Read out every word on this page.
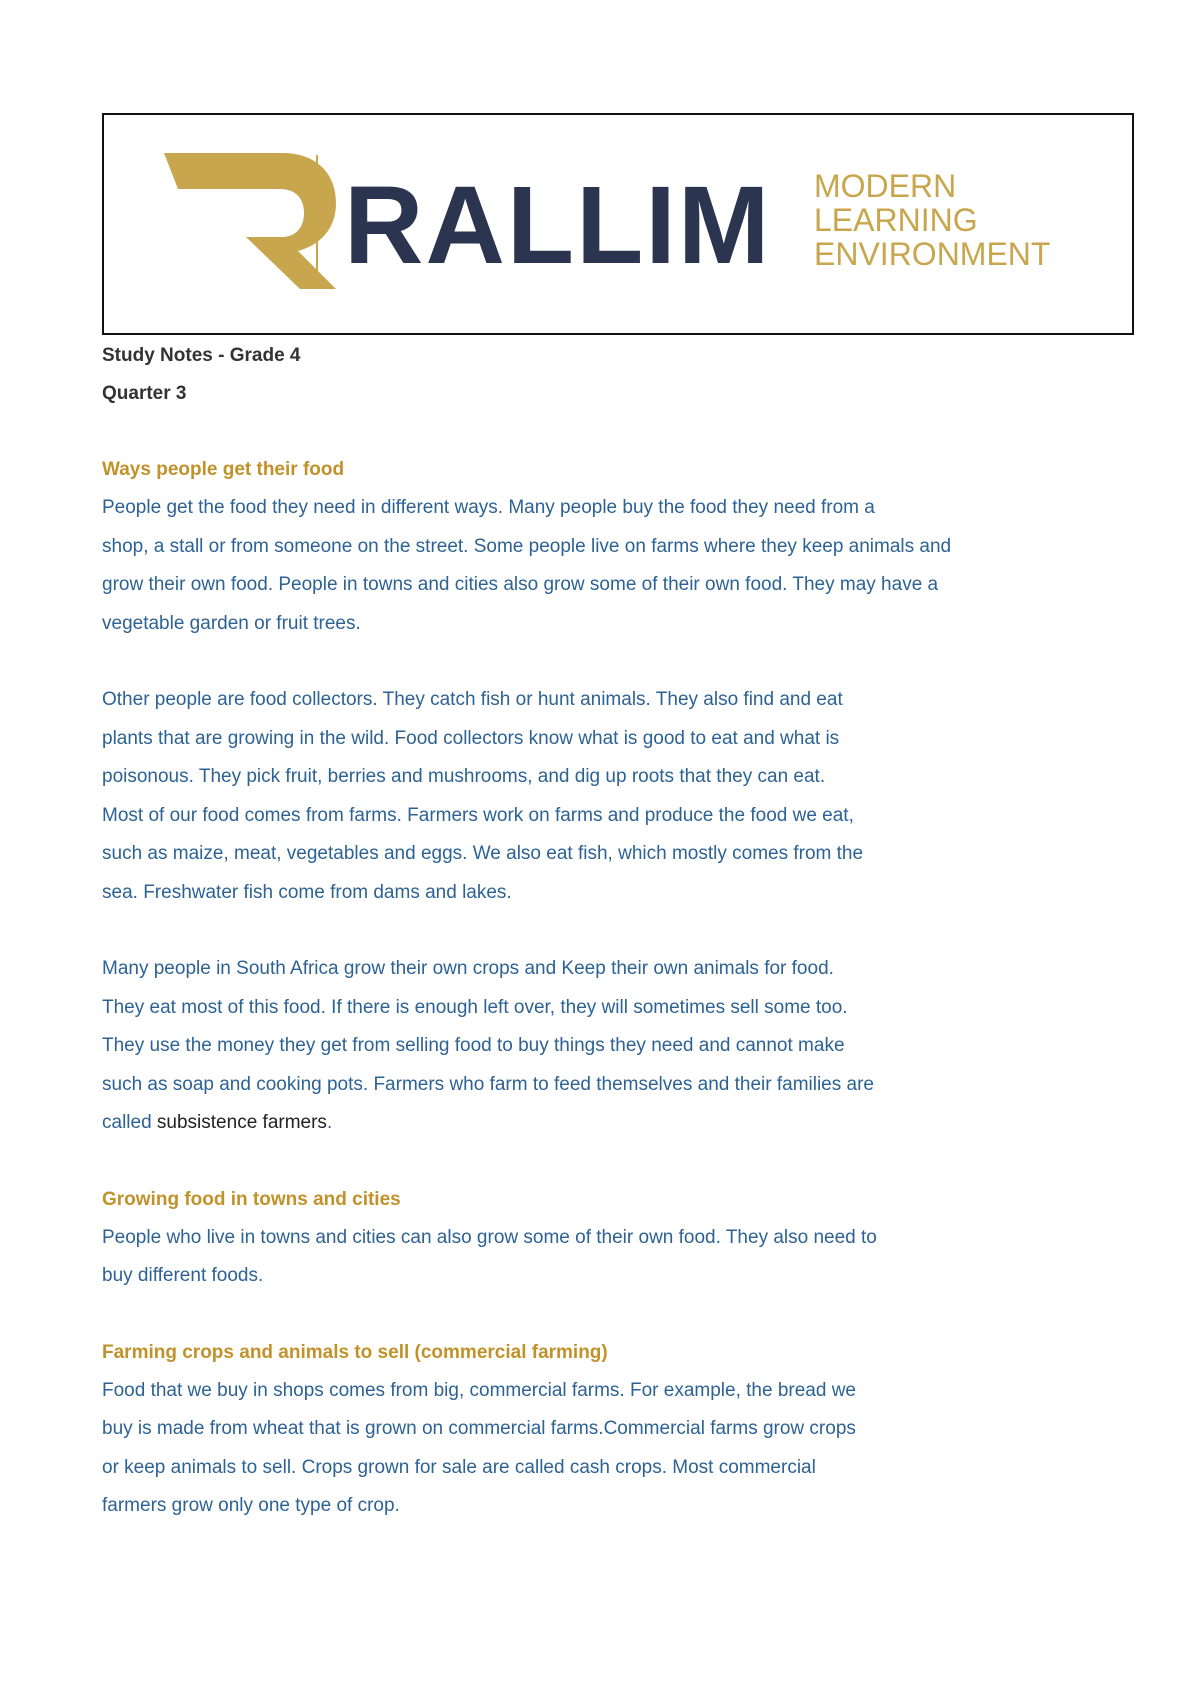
RALLIM MODERN
LEARNING
ENVIRONMENT

Study Notes - Grade 4

Quarter 3

Ways people get their food

People get the food they need in different ways. Many people buy the food they need from a

shop, a stall or from someone on the street. Some people live on farms where they keep animals and

grow their own food. People in towns and cities also grow some of their own food. They may have a

vegetable garden or fruit trees.

Other people are food collectors. They catch fish or hunt animals. They also find and eat

plants that are growing in the wild. Food collectors know what is good to eat and what is

poisonous. They pick fruit, berries and mushrooms, and dig up roots that they can eat.

Most of our food comes from farms. Farmers work on farms and produce the food we eat,

such as maize, meat, vegetables and eggs. We also eat fish, which mostly comes from the

sea. Freshwater fish come from dams and lakes.

Many people in South Africa grow their own crops and Keep their own animals for food.

They eat most of this food. If there is enough left over, they will sometimes sell some too.

They use the money they get from selling food to buy things they need and cannot make

such as soap and cooking pots. Farmers who farm to feed themselves and their families are

called subsistence farmers.

Growing food in towns and cities

People who live in towns and cities can also grow some of their own food. They also need to

buy different foods.

Farming crops and animals to sell (commercial farming)

Food that we buy in shops comes from big, commercial farms. For example, the bread we

buy is made from wheat that is grown on commercial farms.Commercial farms grow crops

or keep animals to sell. Crops grown for sale are called cash crops. Most commercial

farmers grow only one type of crop.
